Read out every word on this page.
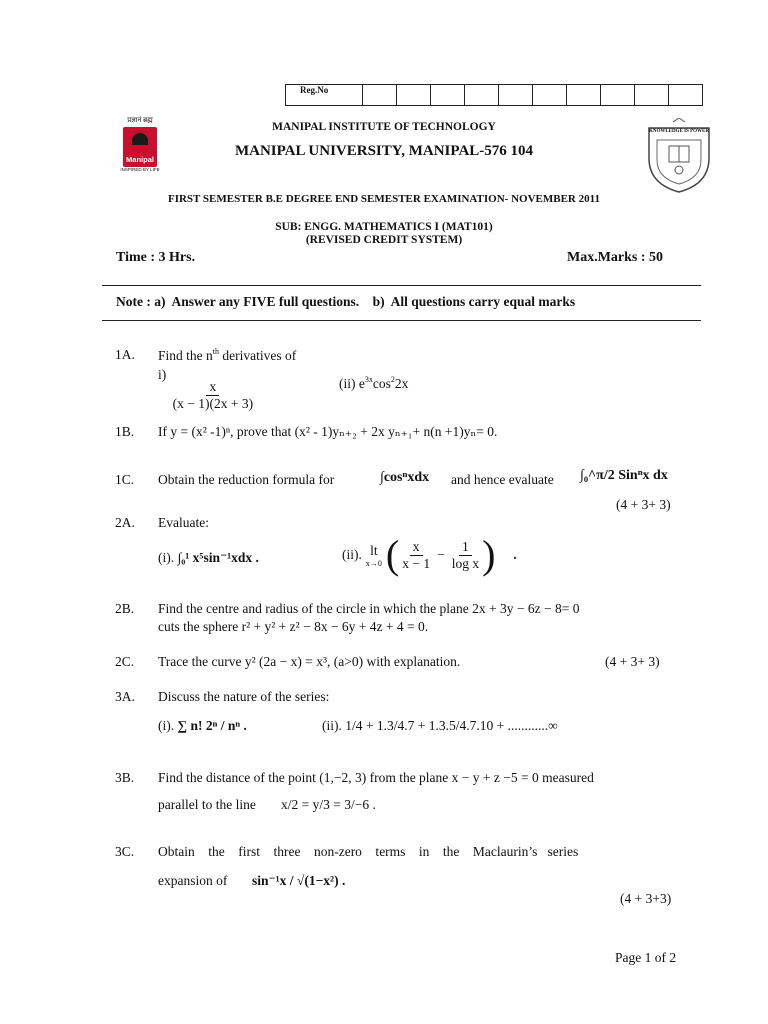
Reg.No
प्रज्ञानं ब्रह्म
Manipal
INSPIRED BY LIFE
KNOWLEDGE IS POWER
MANIPAL INSTITUTE OF TECHNOLOGY
MANIPAL UNIVERSITY, MANIPAL-576 104
FIRST SEMESTER B.E DEGREE END SEMESTER EXAMINATION- NOVEMBER 2011
SUB: ENGG. MATHEMATICS I (MAT101)
(REVISED CREDIT SYSTEM)
Time : 3 Hrs.	Max.Marks : 50
Note : a)  Answer any FIVE full questions.    b)  All questions carry equal marks
1A. Find the $n^{th}$ derivatives of
i)
$\frac{x}{(x - 1)(2x + 3)}$	(ii) $e^{3x}\cos^22x$
1B. If y = (x² -1)ⁿ, prove that (x² - 1)yₙ₊₂ + 2x yₙ₊₁+ n(n +1)yₙ= 0.
1C. Obtain the reduction formula for	∫cosⁿxdx and hence evaluate ∫₀^π/2 Sinⁿx dx
(4 + 3+ 3)
2A. Evaluate:
(i). ∫₀¹ x⁵sin⁻¹xdx .	(ii). lt
x→0 ( $\frac{x}{x - 1} - \frac{1}{\text{log x}}$ ) .
2B. Find the centre and radius of the circle in which the plane 2x + 3y − 6z − 8= 0
cuts the sphere r² + y² + z² − 8x − 6y + 4z + 4 = 0.
2C. Trace the curve y² (2a − x) = x³, (a>0) with explanation.	(4 + 3+ 3)
3A. Discuss the nature of the series:
(i). ∑ n! 2ⁿ / nⁿ .	(ii). 1/4 + 1.3/4.7 + 1.3.5/4.7.10 + ............∞
3B. Find the distance of the point (1,−2, 3) from the plane x − y + z −5 = 0 measured
parallel to the line x/2 = y/3 = 3/−6 .
3C. Obtain    the    first    three    non-zero    terms    in    the    Maclaurin’s   series
expansion of sin⁻¹x / √(1−x²) .
(4 + 3+3)
Page 1 of 2
